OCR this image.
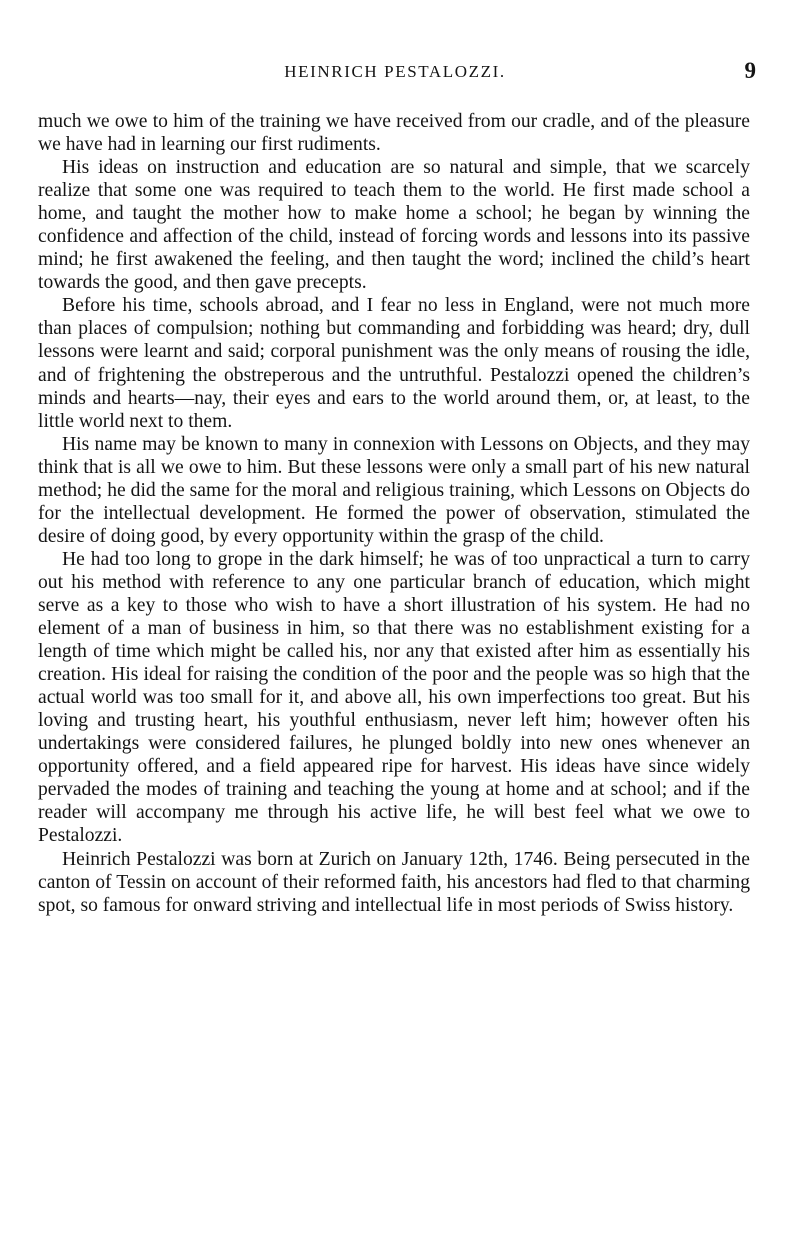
HEINRICH PESTALOZZI.	9

much we owe to him of the training we have received from our cradle, and of the pleasure we have had in learning our first rudiments.

His ideas on instruction and education are so natural and simple, that we scarcely realize that some one was required to teach them to the world. He first made school a home, and taught the mother how to make home a school; he began by winning the confidence and affection of the child, instead of forcing words and lessons into its passive mind; he first awakened the feeling, and then taught the word; inclined the child’s heart towards the good, and then gave precepts.

Before his time, schools abroad, and I fear no less in England, were not much more than places of compulsion; nothing but commanding and forbidding was heard; dry, dull lessons were learnt and said; corporal punishment was the only means of rousing the idle, and of frightening the obstreperous and the untruthful. Pestalozzi opened the children’s minds and hearts—nay, their eyes and ears to the world around them, or, at least, to the little world next to them.

His name may be known to many in connexion with Lessons on Objects, and they may think that is all we owe to him. But these lessons were only a small part of his new natural method; he did the same for the moral and religious training, which Lessons on Objects do for the intellectual development. He formed the power of observation, stimulated the desire of doing good, by every opportunity within the grasp of the child.

He had too long to grope in the dark himself; he was of too unpractical a turn to carry out his method with reference to any one particular branch of education, which might serve as a key to those who wish to have a short illustration of his system. He had no element of a man of business in him, so that there was no establishment existing for a length of time which might be called his, nor any that existed after him as essentially his creation. His ideal for raising the condition of the poor and the people was so high that the actual world was too small for it, and above all, his own imperfections too great. But his loving and trusting heart, his youthful enthusiasm, never left him; however often his undertakings were considered failures, he plunged boldly into new ones whenever an opportunity offered, and a field appeared ripe for harvest. His ideas have since widely pervaded the modes of training and teaching the young at home and at school; and if the reader will accompany me through his active life, he will best feel what we owe to Pestalozzi.

Heinrich Pestalozzi was born at Zurich on January 12th, 1746. Being persecuted in the canton of Tessin on account of their reformed faith, his ancestors had fled to that charming spot, so famous for onward striving and intellectual life in most periods of Swiss history.
